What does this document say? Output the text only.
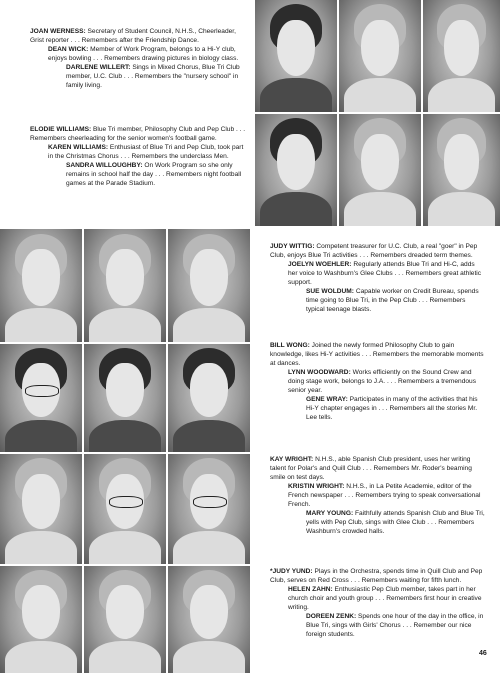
JOAN WERNESS: Secretary of Student Council, N.H.S., Cheerleader, Grist reporter . . . Remembers after the Friendship Dance.

DEAN WICK: Member of Work Program, belongs to a Hi-Y club, enjoys bowling . . . Remembers drawing pictures in biology class.

DARLENE WILLERT: Sings in Mixed Chorus, Blue Tri Club member, U.C. Club . . . Remembers the "nursery school" in family living.

ELODIE WILLIAMS: Blue Tri member, Philosophy Club and Pep Club . . . Remembers cheerleading for the senior women's football game.

KAREN WILLIAMS: Enthusiast of Blue Tri and Pep Club, took part in the Christmas Chorus . . . Remembers the underclass Men.

SANDRA WILLOUGHBY: On Work Program so she only remains in school half the day . . . Remembers night football games at the Parade Stadium.

JUDY WITTIG: Competent treasurer for U.C. Club, a real "goer" in Pep Club, enjoys Blue Tri activities . . . Remembers dreaded term themes.

JOELYN WOEHLER: Regularly attends Blue Tri and Hi-C, adds her voice to Washburn's Glee Clubs . . . Remembers great athletic support.

SUE WOLDUM: Capable worker on Credit Bureau, spends time going to Blue Tri, in the Pep Club . . . Remembers typical teenage blasts.

BILL WONG: Joined the newly formed Philosophy Club to gain knowledge, likes Hi-Y activities . . . Remembers the memorable moments at dances.

LYNN WOODWARD: Works efficiently on the Sound Crew and doing stage work, belongs to J.A. . . . Remembers a tremendous senior year.

GENE WRAY: Participates in many of the activities that his Hi-Y chapter engages in . . . Remembers all the stories Mr. Lee tells.

KAY WRIGHT: N.H.S., able Spanish Club president, uses her writing talent for Polar's and Quill Club . . . Remembers Mr. Roder's beaming smile on test days.

KRISTIN WRIGHT: N.H.S., in La Petite Academie, editor of the French newspaper . . . Remembers trying to speak conversational French.

MARY YOUNG: Faithfully attends Spanish Club and Blue Tri, yells with Pep Club, sings with Glee Club . . . Remembers Washburn's crowded halls.

*JUDY YUND: Plays in the Orchestra, spends time in Quill Club and Pep Club, serves on Red Cross . . . Remembers waiting for fifth lunch.

HELEN ZAHN: Enthusiastic Pep Club member, takes part in her church choir and youth group . . . Remembers first hour in creative writing.

DOREEN ZENK: Spends one hour of the day in the office, in Blue Tri, sings with Girls' Chorus . . . Remember our nice foreign students.

46
